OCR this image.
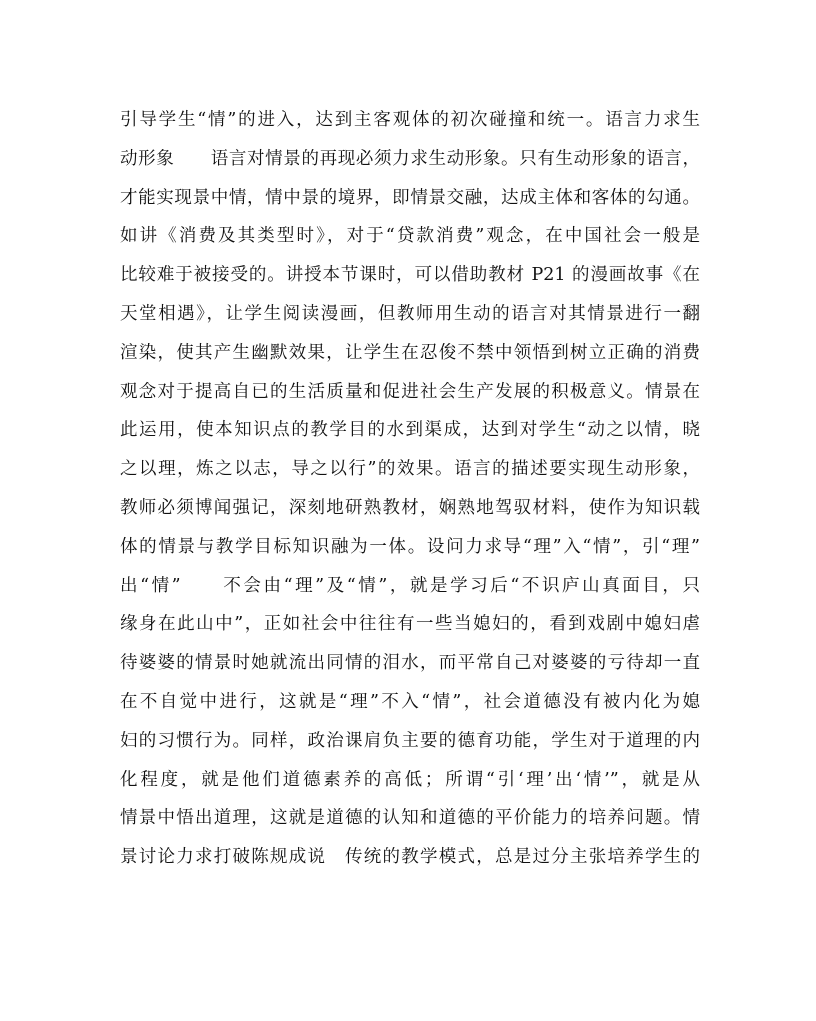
引导学生“情”的进入，达到主客观体的初次碰撞和统一。语言力求生
动形象　　语言对情景的再现必须力求生动形象。只有生动形象的语言，
才能实现景中情，情中景的境界，即情景交融，达成主体和客体的勾通。
如讲《消费及其类型时》，对于“贷款消费”观念，在中国社会一般是
比较难于被接受的。讲授本节课时，可以借助教材 P21 的漫画故事《在
天堂相遇》，让学生阅读漫画，但教师用生动的语言对其情景进行一翻
渲染，使其产生幽默效果，让学生在忍俊不禁中领悟到树立正确的消费
观念对于提高自已的生活质量和促进社会生产发展的积极意义。情景在
此运用，使本知识点的教学目的水到渠成，达到对学生“动之以情，晓
之以理，炼之以志，导之以行”的效果。语言的描述要实现生动形象，
教师必须博闻强记，深刻地研熟教材，娴熟地驾驭材料，使作为知识载
体的情景与教学目标知识融为一体。设问力求导“理”入“情”，引“理”
出“情”　　不会由“理”及“情”，就是学习后“不识庐山真面目，只
缘身在此山中”，正如社会中往往有一些当媳妇的，看到戏剧中媳妇虐
待婆婆的情景时她就流出同情的泪水，而平常自己对婆婆的亏待却一直
在不自觉中进行，这就是“理”不入“情”，社会道德没有被内化为媳
妇的习惯行为。同样，政治课肩负主要的德育功能，学生对于道理的内
化程度，就是他们道德素养的高低；所谓“引‘理’出‘情’”，就是从
情景中悟出道理，这就是道德的认知和道德的平价能力的培养问题。情
景讨论力求打破陈规成说　传统的教学模式，总是过分主张培养学生的
